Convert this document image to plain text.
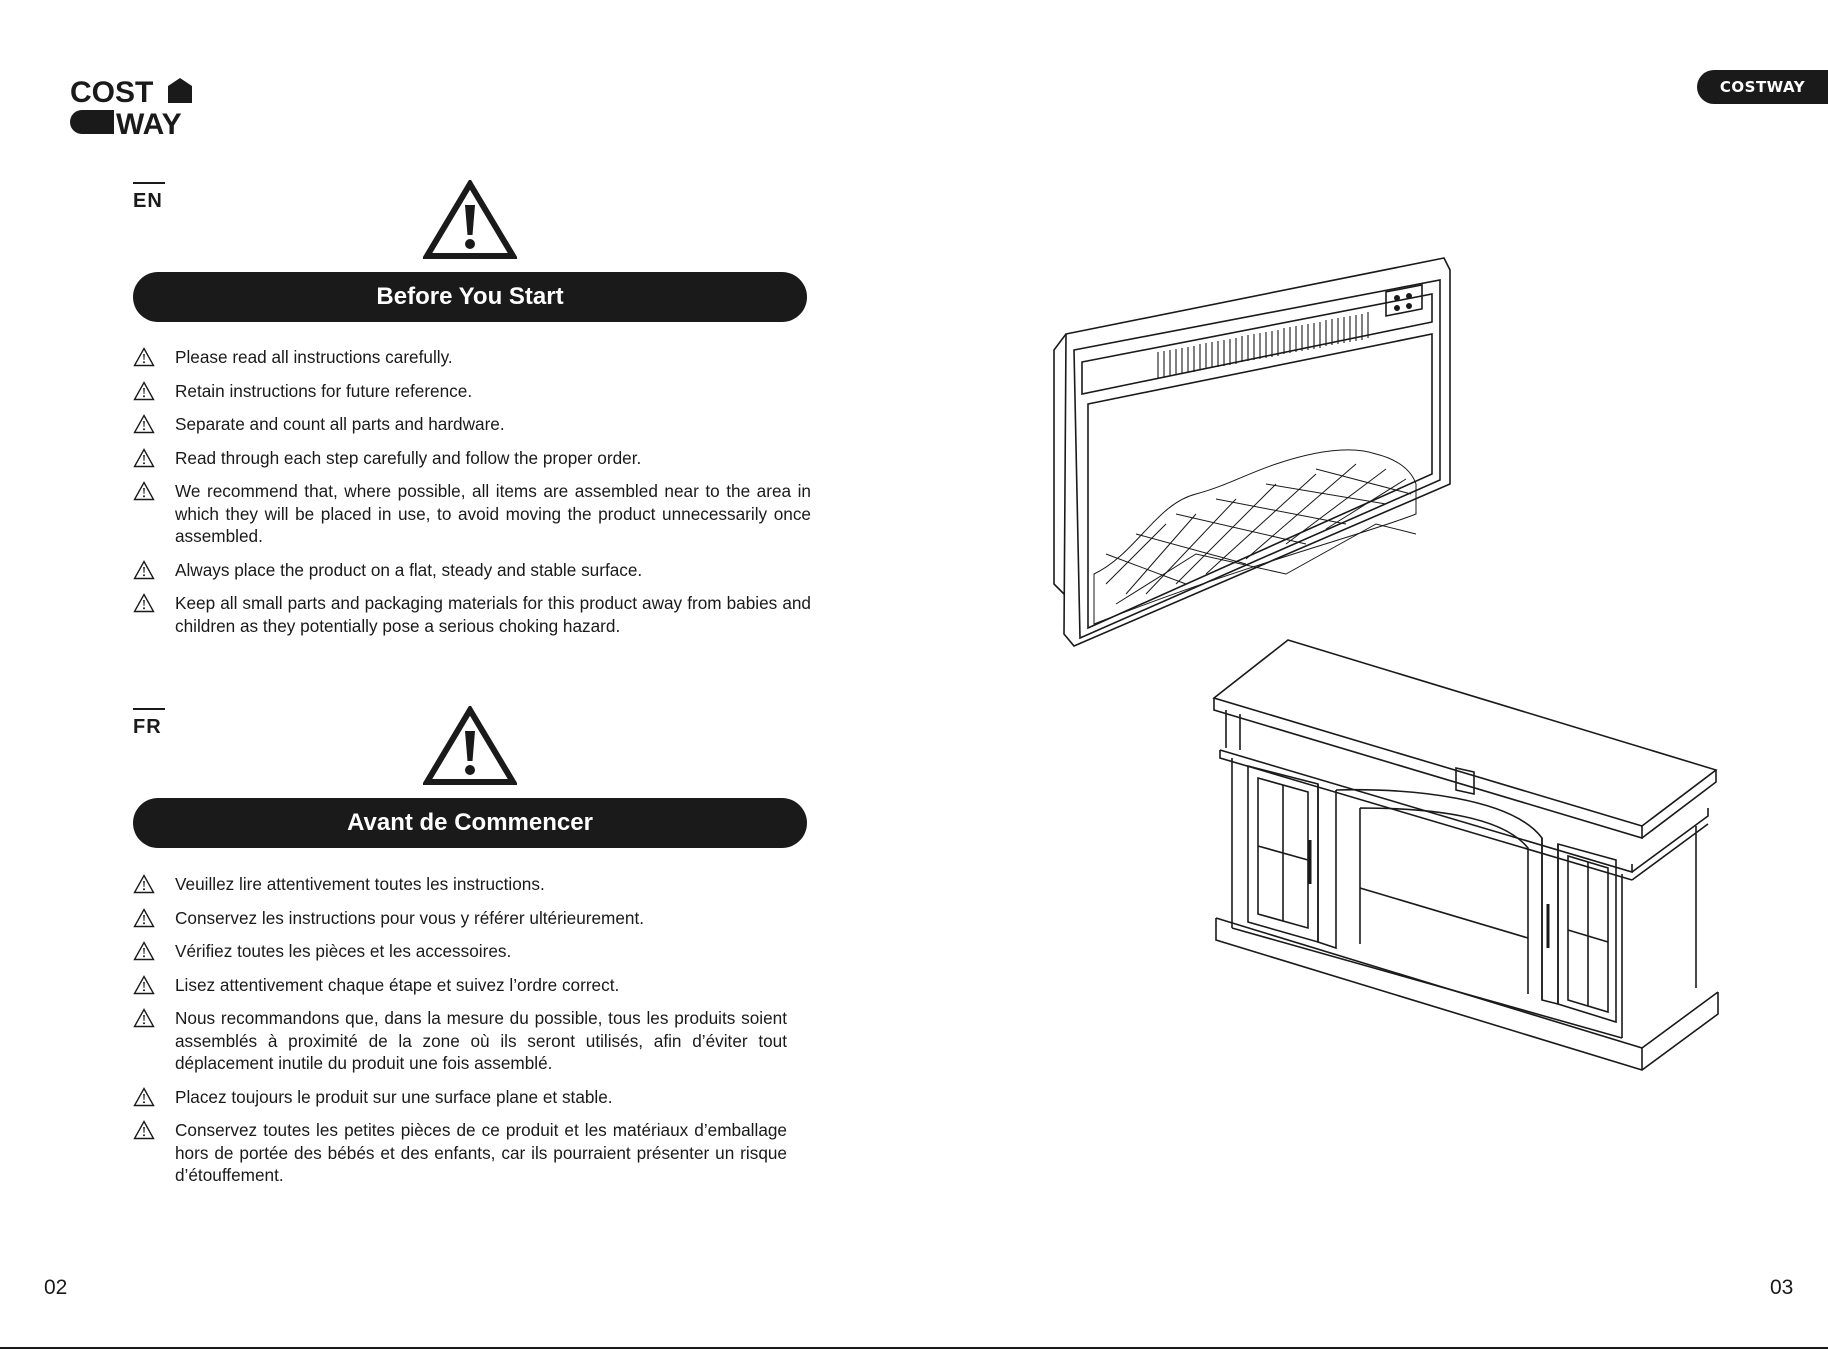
COST
WAY
COSTWAY
EN
Before You Start
Please read all instructions carefully.
Retain instructions for future reference.
Separate and count all parts and hardware.
Read through each step carefully and follow the proper order.
We recommend that, where possible, all items are assembled near to the area in which they will be placed in use, to avoid moving the product unnecessarily once assembled.
Always place the product on a flat, steady and stable surface.
Keep all small parts and packaging materials for this product away from babies and children as they potentially pose a serious choking hazard.
FR
Avant de Commencer
Veuillez lire attentivement toutes les instructions.
Conservez les instructions pour vous y référer ultérieurement.
Vérifiez toutes les pièces et les accessoires.
Lisez attentivement chaque étape et suivez l’ordre correct.
Nous recommandons que, dans la mesure du possible, tous les produits soient assemblés à proximité de la zone où ils seront utilisés, afin d’éviter tout déplacement inutile du produit une fois assemblé.
Placez toujours le produit sur une surface plane et stable.
Conservez toutes les petites pièces de ce produit et les matériaux d’emballage hors de portée des bébés et des enfants, car ils pourraient présenter un risque d’étouffement.
02	03
